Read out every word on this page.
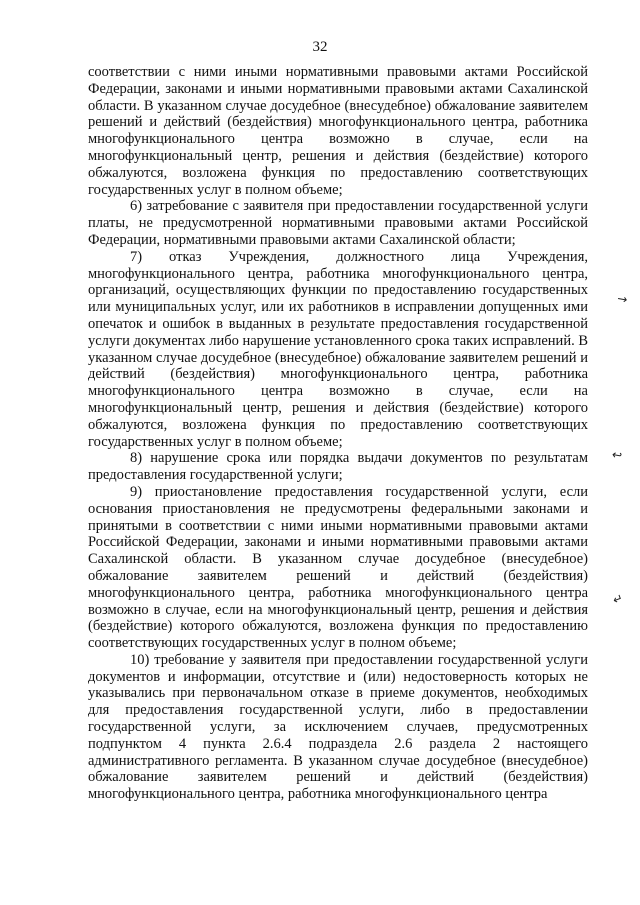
32

соответствии с ними иными нормативными правовыми актами Российской Федерации, законами и иными нормативными правовыми актами Сахалинской области. В указанном случае досудебное (внесудебное) обжалование заявителем решений и действий (бездействия) многофункционального центра, работника многофункционального центра возможно в случае, если на многофункциональный центр, решения и действия (бездействие) которого обжалуются, возложена функция по предоставлению соответствующих государственных услуг в полном объеме;

6) затребование с заявителя при предоставлении государственной услуги платы, не предусмотренной нормативными правовыми актами Российской Федерации, нормативными правовыми актами Сахалинской области;

7) отказ Учреждения, должностного лица Учреждения, многофункционального центра, работника многофункционального центра, организаций, осуществляющих функции по предоставлению государственных или муниципальных услуг, или их работников в исправлении допущенных ими опечаток и ошибок в выданных в результате предоставления государственной услуги документах либо нарушение установленного срока таких исправлений. В указанном случае досудебное (внесудебное) обжалование заявителем решений и действий (бездействия) многофункционального центра, работника многофункционального центра возможно в случае, если на многофункциональный центр, решения и действия (бездействие) которого обжалуются, возложена функция по предоставлению соответствующих государственных услуг в полном объеме;

8) нарушение срока или порядка выдачи документов по результатам предоставления государственной услуги;

9) приостановление предоставления государственной услуги, если основания приостановления не предусмотрены федеральными законами и принятыми в соответствии с ними иными нормативными правовыми актами Российской Федерации, законами и иными нормативными правовыми актами Сахалинской области. В указанном случае досудебное (внесудебное) обжалование заявителем решений и действий (бездействия) многофункционального центра, работника многофункционального центра возможно в случае, если на многофункциональный центр, решения и действия (бездействие) которого обжалуются, возложена функция по предоставлению соответствующих государственных услуг в полном объеме;

10) требование у заявителя при предоставлении государственной услуги документов и информации, отсутствие и (или) недостоверность которых не указывались при первоначальном отказе в приеме документов, необходимых для предоставления государственной услуги, либо в предоставлении государственной услуги, за исключением случаев, предусмотренных подпунктом 4 пункта 2.6.4 подраздела 2.6 раздела 2 настоящего административного регламента. В указанном случае досудебное (внесудебное) обжалование заявителем решений и действий (бездействия) многофункционального центра, работника многофункционального центра

↘
↩
↵
